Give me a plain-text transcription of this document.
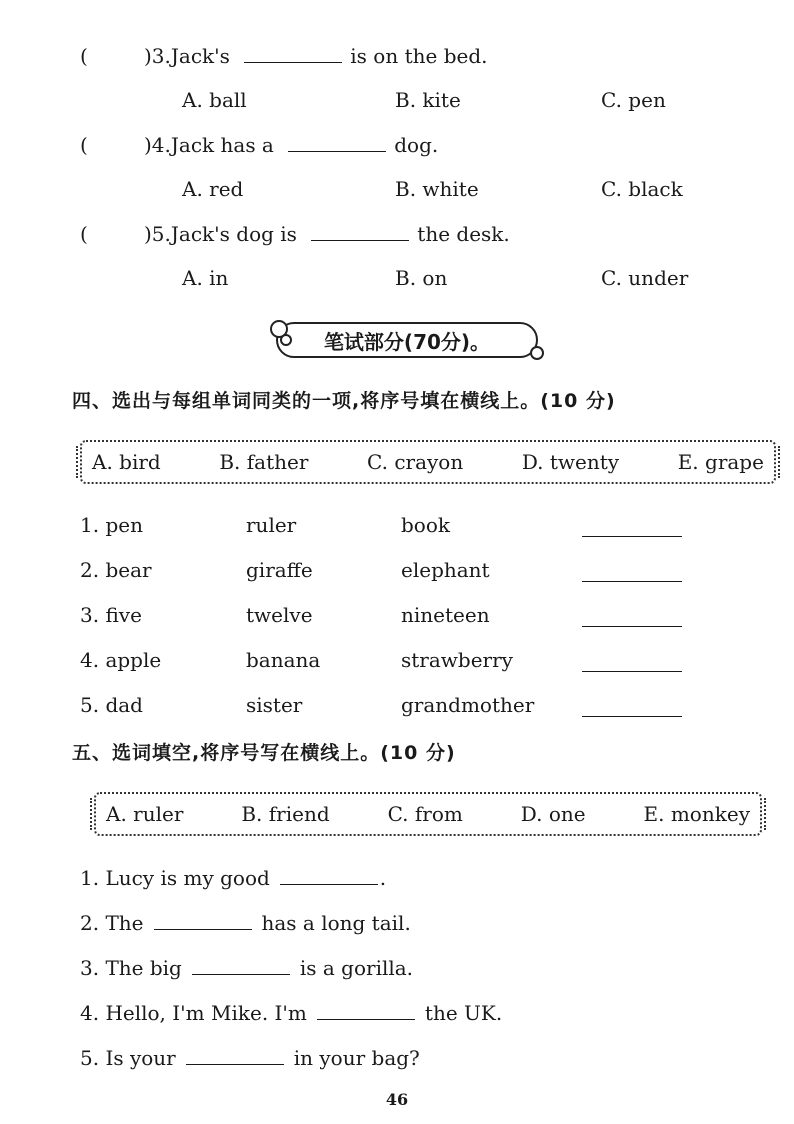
(	)3.Jack's	is on the bed.
A. ball	B. kite	C. pen
(	)4.Jack has a	dog.
A. red	B. white	C. black
(	)5.Jack's dog is	the desk.
A. in	B. on	C. under
笔试部分(70分)。
四、选出与每组单词同类的一项,将序号填在横线上。(10 分)
A. bird	B. father	C. crayon	D. twenty	E. grape
1. pen	ruler	book
2. bear	giraffe	elephant
3. five	twelve	nineteen
4. apple	banana	strawberry
5. dad	sister	grandmother
五、选词填空,将序号写在横线上。(10 分)
A. ruler	B. friend	C. from	D. one	E. monkey
1. Lucy is my good	.
2. The	has a long tail.
3. The big	is a gorilla.
4. Hello, I'm Mike. I'm	the UK.
5. Is your	in your bag?
46
